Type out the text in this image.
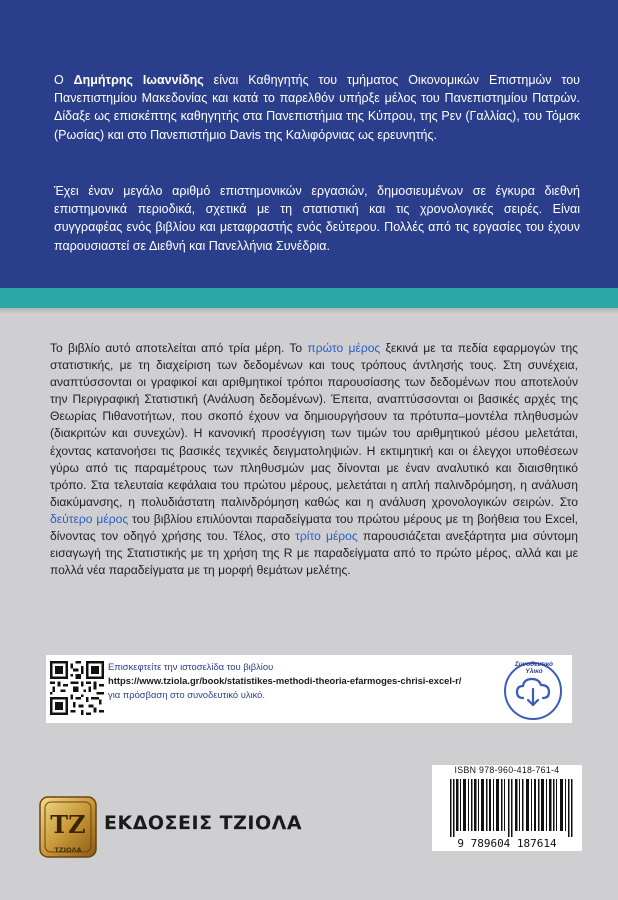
Ο Δημήτρης Ιωαννίδης είναι Καθηγητής του τμήματος Οικονομικών Επιστημών του Πανεπιστημίου Μακεδονίας και κατά το παρελθόν υπήρξε μέλος του Πανεπιστημίου Πατρών. Δίδαξε ως επισκέπτης καθηγητής στα Πανεπιστήμια της Κύπρου, της Ρεν (Γαλλίας), του Τόμσκ (Ρωσίας) και στο Πανεπιστήμιο Davis της Καλιφόρνιας ως ερευνητής.

Έχει έναν μεγάλο αριθμό επιστημονικών εργασιών, δημοσιευμένων σε έγκυρα διεθνή επιστημονικά περιοδικά, σχετικά με τη στατιστική και τις χρονολογικές σειρές. Είναι συγγραφέας ενός βιβλίου και μεταφραστής ενός δεύτερου. Πολλές από τις εργασίες του έχουν παρουσιαστεί σε Διεθνή και Πανελλήνια Συνέδρια.

Το βιβλίο αυτό αποτελείται από τρία μέρη. Το πρώτο μέρος ξεκινά με τα πεδία εφαρμογών της στατιστικής, με τη διαχείριση των δεδομένων και τους τρόπους άντλησής τους. Στη συνέχεια, αναπτύσσονται οι γραφικοί και αριθμητικοί τρόποι παρουσίασης των δεδομένων που αποτελούν την Περιγραφική Στατιστική (Ανάλυση δεδομένων). Έπειτα, αναπτύσσονται οι βασικές αρχές της Θεωρίας Πιθανοτήτων, που σκοπό έχουν να δημιουργήσουν τα πρότυπα–μοντέλα πληθυσμών (διακριτών και συνεχών). Η κανονική προσέγγιση των τιμών του αριθμητικού μέσου μελετάται, έχοντας κατανοήσει τις βασικές τεχνικές δειγματοληψιών. Η εκτιμητική και οι έλεγχοι υποθέσεων γύρω από τις παραμέτρους των πληθυσμών μας δίνονται με έναν αναλυτικό και διαισθητικό τρόπο. Στα τελευταία κεφάλαια του πρώτου μέρους, μελετάται η απλή παλινδρόμηση, η ανάλυση διακύμανσης, η πολυδιάστατη παλινδρόμηση καθώς και η ανάλυση χρονολογικών σειρών. Στο δεύτερο μέρος του βιβλίου επιλύονται παραδείγματα του πρώτου μέρους με τη βοήθεια του Excel, δίνοντας τον οδηγό χρήσης του. Τέλος, στο τρίτο μέρος παρουσιάζεται ανεξάρτητα μια σύντομη εισαγωγή της Στατιστικής με τη χρήση της R με παραδείγματα από το πρώτο μέρος, αλλά και με πολλά νέα παραδείγματα με τη μορφή θεμάτων μελέτης.

Επισκεφτείτε την ιστοσελίδα του βιβλίου
https://www.tziola.gr/book/statistikes-methodi-theoria-efarmoges-chrisi-excel-r/
για πρόσβαση στο συνοδευτικό υλικό.
Συνοδευτικό Υλικό
ISBN 978-960-418-761-4
9 789604 187614
TZ
ΤΖΙΟΛΑ
ΕΚΔΟΣΕΙΣ ΤΖΙΟΛΑ
